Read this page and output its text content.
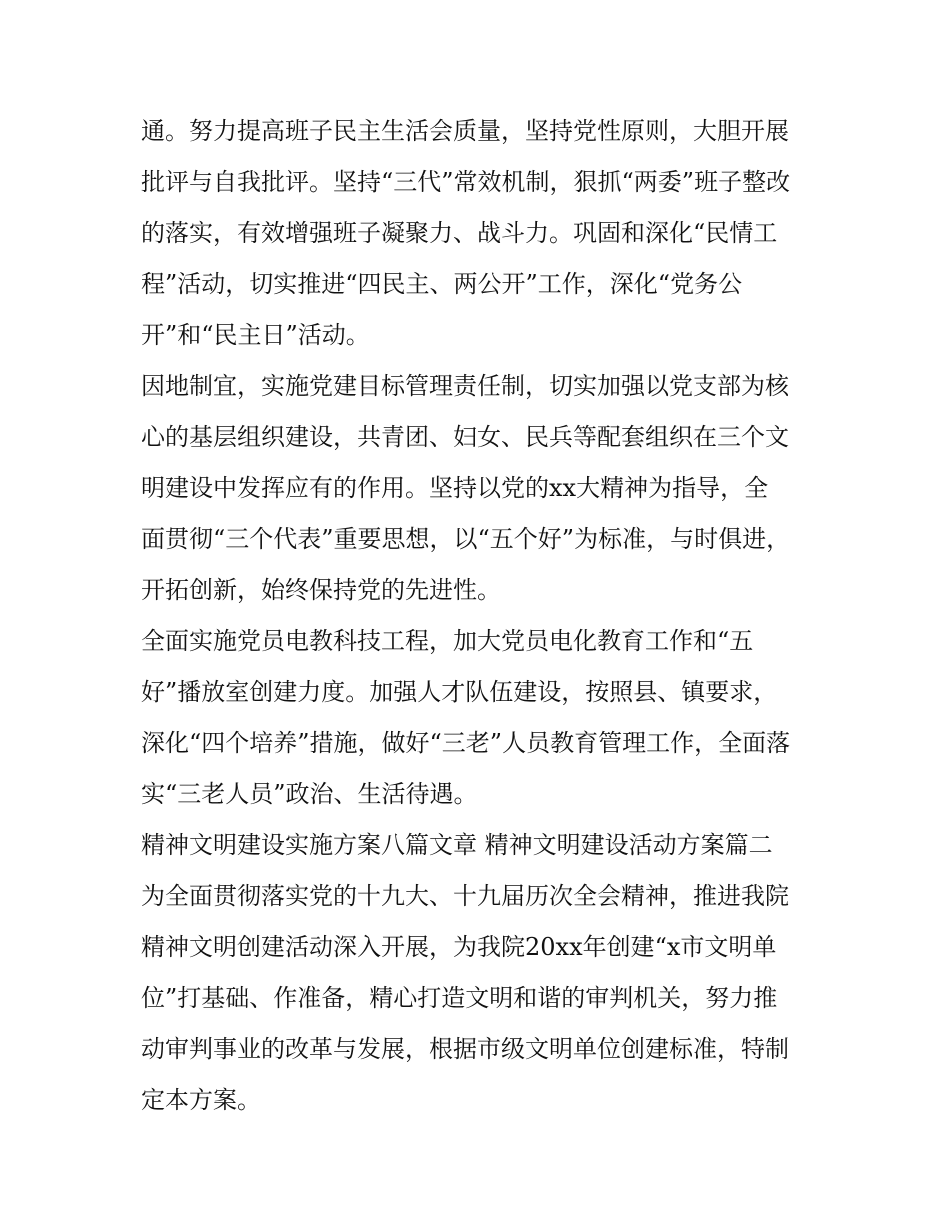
通。努力提高班子民主生活会质量，坚持党性原则，大胆开展
批评与自我批评。坚持“三代”常效机制，狠抓“两委”班子整改
的落实，有效增强班子凝聚力、战斗力。巩固和深化“民情工
程”活动，切实推进“四民主、两公开”工作，深化“党务公
开”和“民主日”活动。
因地制宜，实施党建目标管理责任制，切实加强以党支部为核
心的基层组织建设，共青团、妇女、民兵等配套组织在三个文
明建设中发挥应有的作用。坚持以党的xx大精神为指导，全
面贯彻“三个代表”重要思想，以“五个好”为标准，与时俱进，
开拓创新，始终保持党的先进性。
全面实施党员电教科技工程，加大党员电化教育工作和“五
好”播放室创建力度。加强人才队伍建设，按照县、镇要求，
深化“四个培养”措施，做好“三老”人员教育管理工作，全面落
实“三老人员”政治、生活待遇。
精神文明建设实施方案八篇文章 精神文明建设活动方案篇二
为全面贯彻落实党的十九大、十九届历次全会精神，推进我院
精神文明创建活动深入开展，为我院20xx年创建“x市文明单
位”打基础、作准备，精心打造文明和谐的审判机关，努力推
动审判事业的改革与发展，根据市级文明单位创建标准，特制
定本方案。
